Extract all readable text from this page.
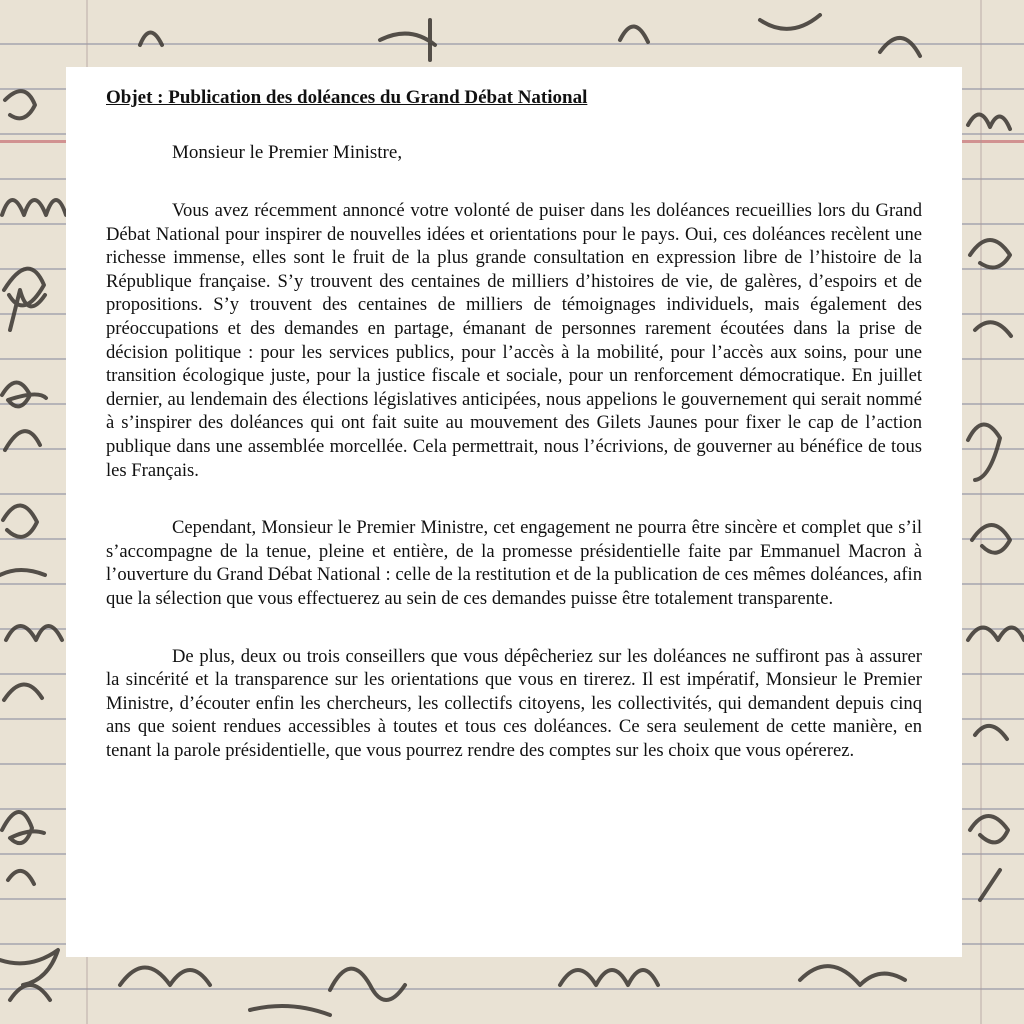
Objet : Publication des doléances du Grand Débat National

Monsieur le Premier Ministre,

Vous avez récemment annoncé votre volonté de puiser dans les doléances recueillies lors du Grand Débat National pour inspirer de nouvelles idées et orientations pour le pays. Oui, ces doléances recèlent une richesse immense, elles sont le fruit de la plus grande consultation en expression libre de l’histoire de la République française. S’y trouvent des centaines de milliers d’histoires de vie, de galères, d’espoirs et de propositions. S’y trouvent des centaines de milliers de témoignages individuels, mais également des préoccupations et des demandes en partage, émanant de personnes rarement écoutées dans la prise de décision politique : pour les services publics, pour l’accès à la mobilité, pour l’accès aux soins, pour une transition écologique juste, pour la justice fiscale et sociale, pour un renforcement démocratique. En juillet dernier, au lendemain des élections législatives anticipées, nous appelions le gouvernement qui serait nommé à s’inspirer des doléances qui ont fait suite au mouvement des Gilets Jaunes pour fixer le cap de l’action publique dans une assemblée morcellée. Cela permettrait, nous l’écrivions, de gouverner au bénéfice de tous les Français.

Cependant, Monsieur le Premier Ministre, cet engagement ne pourra être sincère et complet que s’il s’accompagne de la tenue, pleine et entière, de la promesse présidentielle faite par Emmanuel Macron à l’ouverture du Grand Débat National : celle de la restitution et de la publication de ces mêmes doléances, afin que la sélection que vous effectuerez au sein de ces demandes puisse être totalement transparente.

De plus, deux ou trois conseillers que vous dépêcheriez sur les doléances ne suffiront pas à assurer la sincérité et la transparence sur les orientations que vous en tirerez. Il est impératif, Monsieur le Premier Ministre, d’écouter enfin les chercheurs, les collectifs citoyens, les collectivités, qui demandent depuis cinq ans que soient rendues accessibles à toutes et tous ces doléances. Ce sera seulement de cette manière, en tenant la parole présidentielle, que vous pourrez rendre des comptes sur les choix que vous opérerez.
